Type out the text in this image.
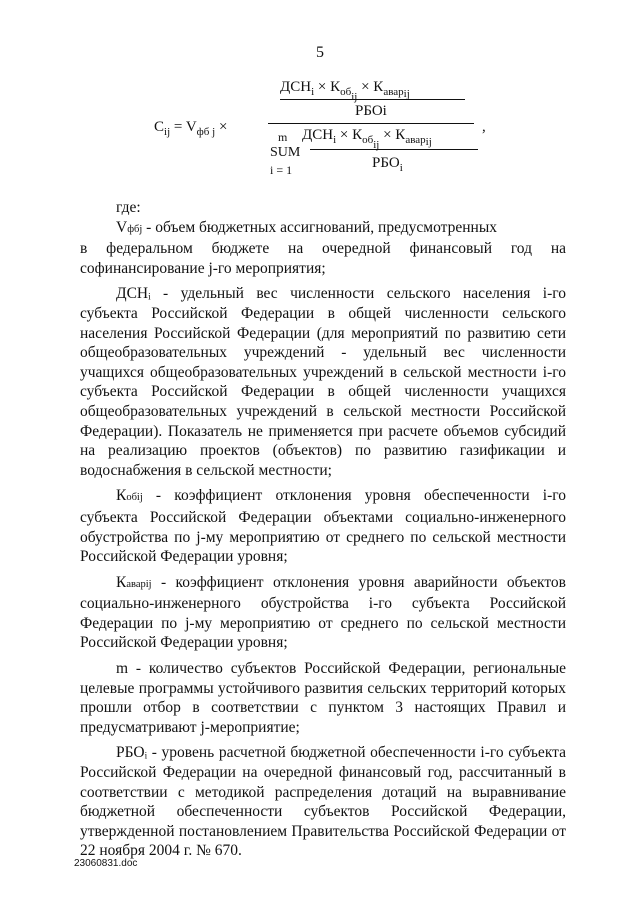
5
$C_{ij} = V_{фб j}$ ×
$ДСН_i \times К_{обij} \times К_{аварij}$
РБОi
m $ДСН_i \times К_{обij} \times К_{аварij}$
SUM
i = 1	$РБО_i$
,

где:

Vфбj - объем бюджетных ассигнований, предусмотренных

в федеральном бюджете на очередной финансовый год на софинансирование j-го мероприятия;

ДСНᵢ - удельный вес численности сельского населения i-го субъекта Российской Федерации в общей численности сельского населения Российской Федерации (для мероприятий по развитию сети общеобразовательных учреждений - удельный вес численности учащихся общеобразовательных учреждений в сельской местности i-го субъекта Российской Федерации в общей численности учащихся общеобразовательных учреждений в сельской местности Российской Федерации). Показатель не применяется при расчете объемов субсидий на реализацию проектов (объектов) по развитию газификации и водоснабжения в сельской местности;

Кобij - коэффициент отклонения уровня обеспеченности i-го субъекта Российской Федерации объектами социально-инженерного обустройства по j-му мероприятию от среднего по сельской местности Российской Федерации уровня;

Каварij - коэффициент отклонения уровня аварийности объектов социально-инженерного обустройства i-го субъекта Российской Федерации по j-му мероприятию от среднего по сельской местности Российской Федерации уровня;

m - количество субъектов Российской Федерации, региональные целевые программы устойчивого развития сельских территорий которых прошли отбор в соответствии с пунктом 3 настоящих Правил и предусматривают j-мероприятие;

РБОᵢ - уровень расчетной бюджетной обеспеченности i-го субъекта Российской Федерации на очередной финансовый год, рассчитанный в соответствии с методикой распределения дотаций на выравнивание бюджетной обеспеченности субъектов Российской Федерации, утвержденной постановлением Правительства Российской Федерации от 22 ноября 2004 г. № 670.

23060831.doc
